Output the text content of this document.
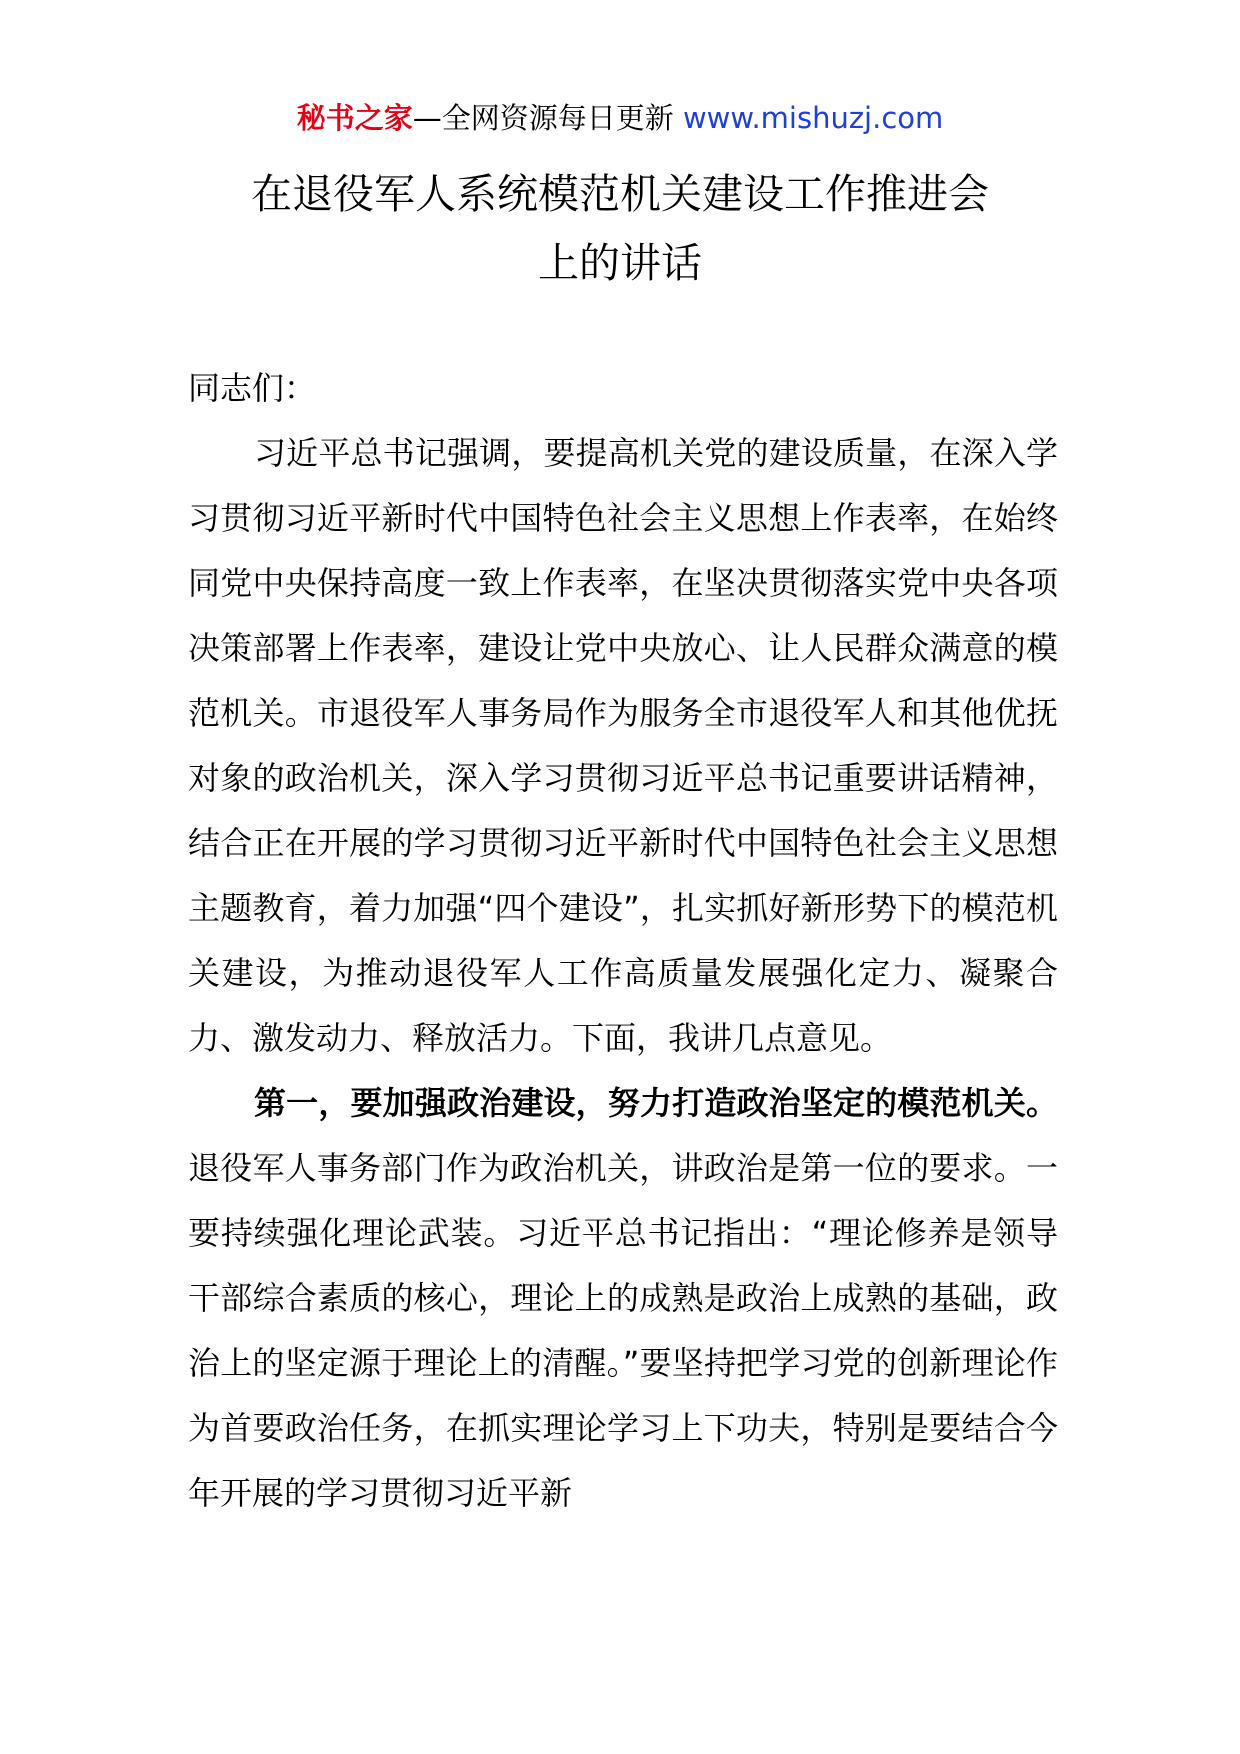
秘书之家—全网资源每日更新 www.mishuzj.com
在退役军人系统模范机关建设工作推进会
上的讲话

同志们：

习近平总书记强调，要提高机关党的建设质量，在深入学习贯彻习近平新时代中国特色社会主义思想上作表率，在始终同党中央保持高度一致上作表率，在坚决贯彻落实党中央各项决策部署上作表率，建设让党中央放心、让人民群众满意的模范机关。市退役军人事务局作为服务全市退役军人和其他优抚对象的政治机关，深入学习贯彻习近平总书记重要讲话精神，结合正在开展的学习贯彻习近平新时代中国特色社会主义思想主题教育，着力加强“四个建设”，扎实抓好新形势下的模范机关建设，为推动退役军人工作高质量发展强化定力、凝聚合力、激发动力、释放活力。下面，我讲几点意见。

第一，要加强政治建设，努力打造政治坚定的模范机关。退役军人事务部门作为政治机关，讲政治是第一位的要求。一要持续强化理论武装。习近平总书记指出：“理论修养是领导干部综合素质的核心，理论上的成熟是政治上成熟的基础，政治上的坚定源于理论上的清醒。”要坚持把学习党的创新理论作为首要政治任务，在抓实理论学习上下功夫，特别是要结合今年开展的学习贯彻习近平新
